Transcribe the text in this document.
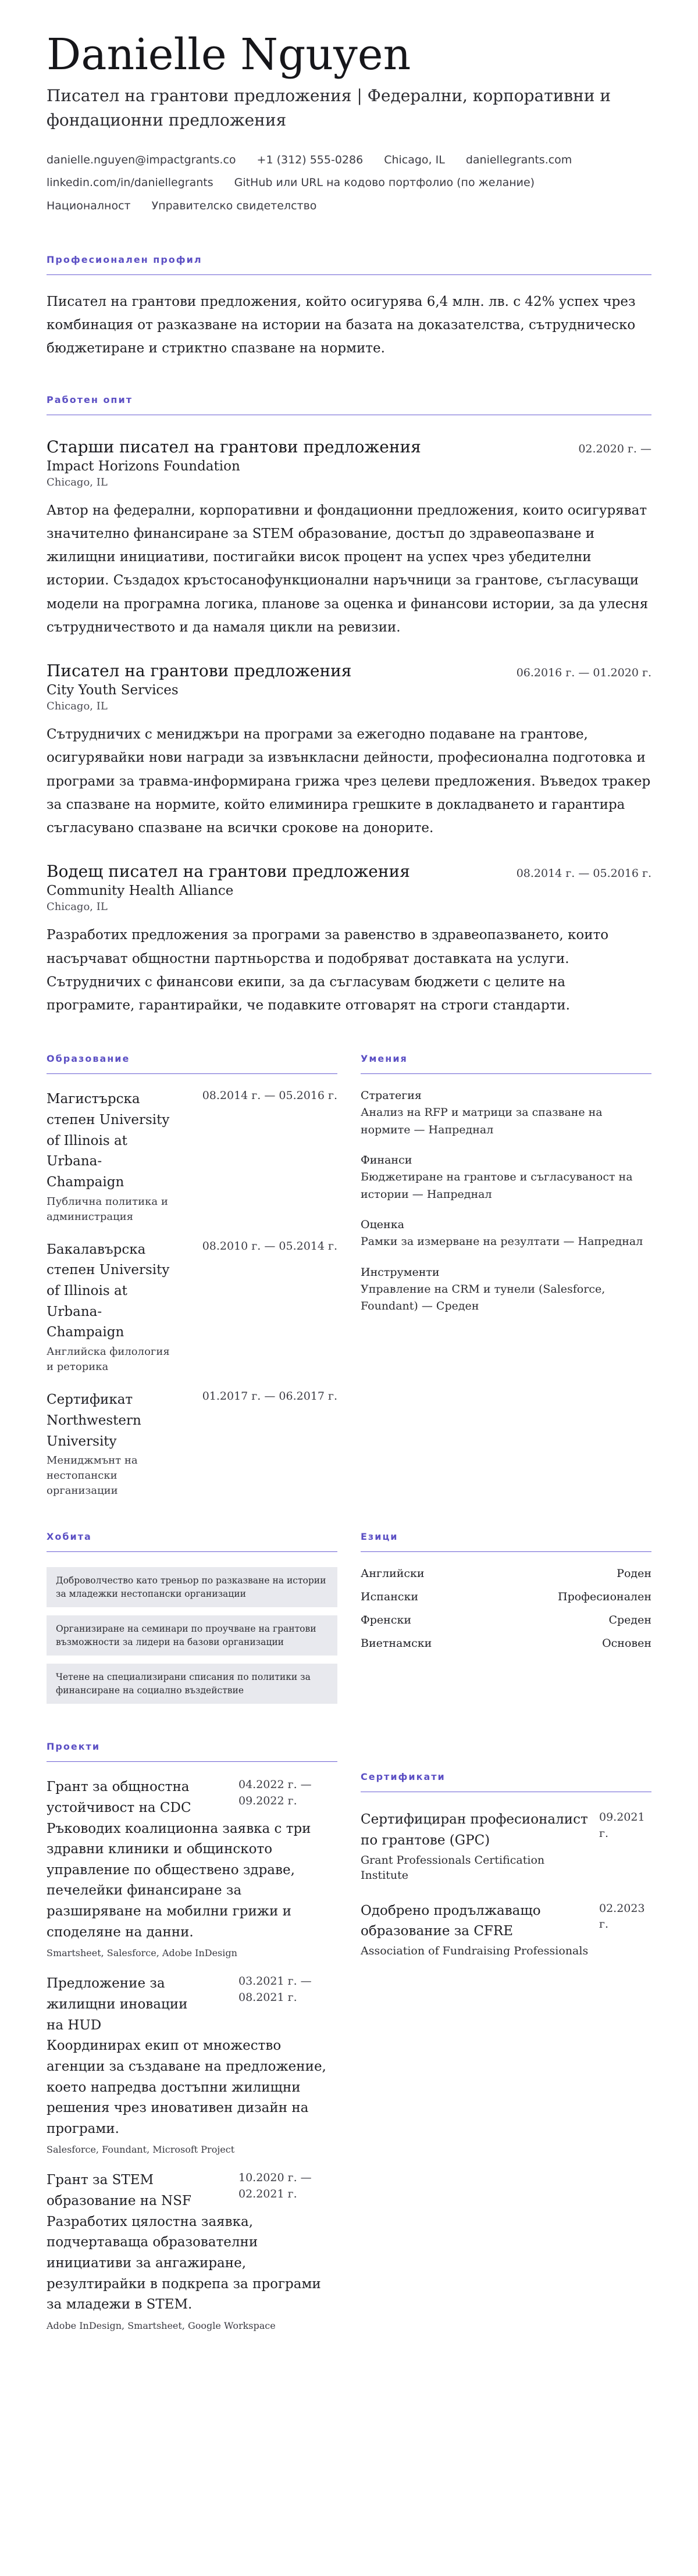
Danielle Nguyen
Писател на грантови предложения | Федерални, корпоративни и фондационни предложения
danielle.nguyen@impactgrants.co +1 (312) 555-0286 Chicago, IL daniellegrants.com
linkedin.com/in/daniellegrants GitHub или URL на кодово портфолио (по желание)
Националност Управителско свидетелство
Професионален профил

Писател на грантови предложения, който осигурява 6,4 млн. лв. с 42% успех чрез комбинация от разказване на истории на базата на доказателства, сътрудническо бюджетиране и стриктно спазване на нормите.

Работен опит
Старши писател на грантови предложения	02.2020 г. —
Impact Horizons Foundation
Chicago, IL

Автор на федерални, корпоративни и фондационни предложения, които осигуряват значително финансиране за STEM образование, достъп до здравеопазване и жилищни инициативи, постигайки висок процент на успех чрез убедителни истории. Създадох кръстосанофункционални наръчници за грантове, съгласуващи модели на програмна логика, планове за оценка и финансови истории, за да улесня сътрудничеството и да намаля цикли на ревизии.

Писател на грантови предложения	06.2016 г. — 01.2020 г.
City Youth Services
Chicago, IL

Сътрудничих с мениджъри на програми за ежегодно подаване на грантове, осигурявайки нови награди за извънкласни дейности, професионална подготовка и програми за травма-информирана грижа чрез целеви предложения. Въведох тракер за спазване на нормите, който елиминира грешките в докладването и гарантира съгласувано спазване на всички срокове на донорите.

Водещ писател на грантови предложения	08.2014 г. — 05.2016 г.
Community Health Alliance
Chicago, IL

Разработих предложения за програми за равенство в здравеопазването, които насърчават общностни партньорства и подобряват доставката на услуги. Сътрудничих с финансови екипи, за да съгласувам бюджети с целите на програмите, гарантирайки, че подавките отговарят на строги стандарти.

Образование
Магистърска степен University of Illinois at Urbana-Champaign
Публична политика и администрация
08.2014 г. — 05.2016 г.
Бакалавърска степен University of Illinois at Urbana-Champaign
Английска филология и реторика
08.2010 г. — 05.2014 г.
Сертификат Northwestern University
Мениджмънт на нестопански организации
01.2017 г. — 06.2017 г.
Умения
Стратегия
Анализ на RFP и матрици за спазване на нормите — Напреднал
Финанси
Бюджетиране на грантове и съгласуваност на истории — Напреднал
Оценка
Рамки за измерване на резултати — Напреднал
Инструменти
Управление на CRM и тунели (Salesforce, Foundant) — Среден
Хобита
Доброволчество като треньор по разказване на истории за младежки нестопански организации
Организиране на семинари по проучване на грантови възможности за лидери на базови организации
Четене на специализирани списания по политики за финансиране на социално въздействие
Езици
Английски	Роден
Испански	Професионален
Френски	Среден
Виетнамски	Основен
Проекти
Грант за общностна устойчивост на CDC
04.2022 г. — 09.2022 г.
Ръководих коалиционна заявка с три здравни клиники и общинското управление по обществено здраве, печелейки финансиране за разширяване на мобилни грижи и споделяне на данни.
Smartsheet, Salesforce, Adobe InDesign
Предложение за жилищни иновации на HUD
03.2021 г. — 08.2021 г.
Координирах екип от множество агенции за създаване на предложение, което напредва достъпни жилищни решения чрез иновативен дизайн на програми.
Salesforce, Foundant, Microsoft Project
Грант за STEM образование на NSF
10.2020 г. — 02.2021 г.
Разработих цялостна заявка, подчертаваща образователни инициативи за ангажиране, резултирайки в подкрепа за програми за младежи в STEM.
Adobe InDesign, Smartsheet, Google Workspace
Сертификати
Сертифициран професионалист по грантове (GPC)
Grant Professionals Certification Institute
09.2021 г.
Одобрено продължаващо образование за CFRE
Association of Fundraising Professionals
02.2023 г.
